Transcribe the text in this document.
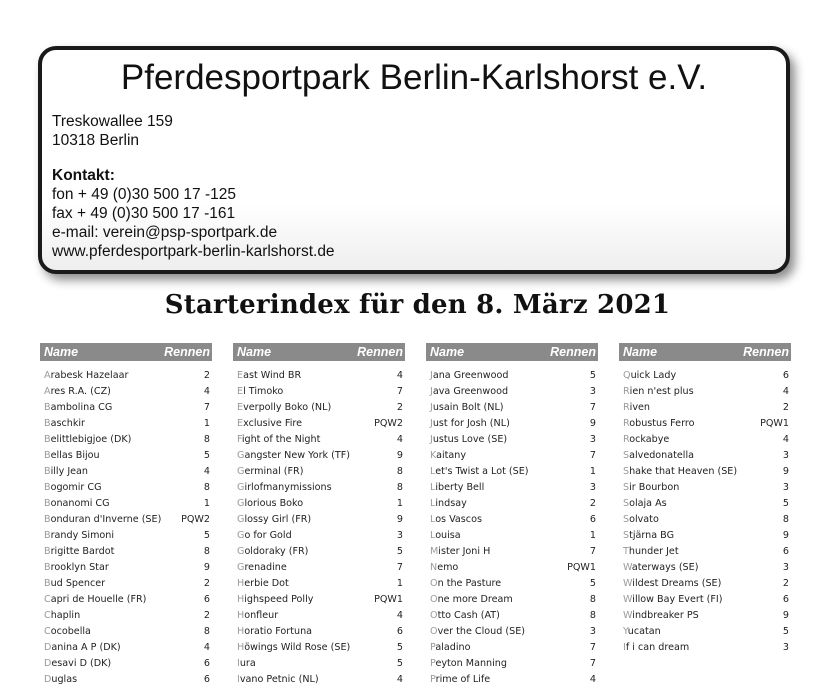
Pferdesportpark Berlin-Karlshorst e.V.
Treskowallee 159
10318 Berlin
Kontakt:
fon + 49 (0)30 500 17 -125
fax + 49 (0)30 500 17 -161
e-mail: verein@psp-sportpark.de
www.pferdesportpark-berlin-karlshorst.de
Starterindex für den 8. März 2021
Name	Rennen
Arabesk Hazelaar	2
Ares R.A. (CZ)	4
Bambolina CG	7
Baschkir	1
Belittlebigjoe (DK)	8
Bellas Bijou	5
Billy Jean	4
Bogomir CG	8
Bonanomi CG	1
Bonduran d'Inverne (SE) PQW2
Brandy Simoni	5
Brigitte Bardot	8
Brooklyn Star	9
Bud Spencer	2
Capri de Houelle (FR)	6
Chaplin	2
Cocobella	8
Danina A P (DK)	4
Desavi D (DK)	6
Duglas	6
Name	Rennen
East Wind BR	4
El Timoko	7
Everpolly Boko (NL)	2
Exclusive Fire	PQW2
Fight of the Night	4
Gangster New York (TF)	9
Germinal (FR)	8
Girlofmanymissions	8
Glorious Boko	1
Glossy Girl (FR)	9
Go for Gold	3
Goldoraky (FR)	5
Grenadine	7
Herbie Dot	1
Highspeed Polly	PQW1
Honfleur	4
Horatio Fortuna	6
Höwings Wild Rose (SE)	5
Iura	5
Ivano Petnic (NL)	4
Name	Rennen
Jana Greenwood	5
Java Greenwood	3
Jusain Bolt (NL)	7
Just for Josh (NL)	9
Justus Love (SE)	3
Kaitany	7
Let's Twist a Lot (SE)	1
Liberty Bell	3
Lindsay	2
Los Vascos	6
Louisa	1
Mister Joni H	7
Nemo	PQW1
On the Pasture	5
One more Dream	8
Otto Cash (AT)	8
Over the Cloud (SE)	3
Paladino	7
Peyton Manning	7
Prime of Life	4
Name	Rennen
Quick Lady	6
Rien n'est plus	4
Riven	2
Robustus Ferro	PQW1
Rockabye	4
Salvedonatella	3
Shake that Heaven (SE)	9
Sir Bourbon	3
Solaja As	5
Solvato	8
Stjärna BG	9
Thunder Jet	6
Waterways (SE)	3
Wildest Dreams (SE)	2
Willow Bay Evert (FI)	6
Windbreaker PS	9
Yucatan	5
If i can dream	3
